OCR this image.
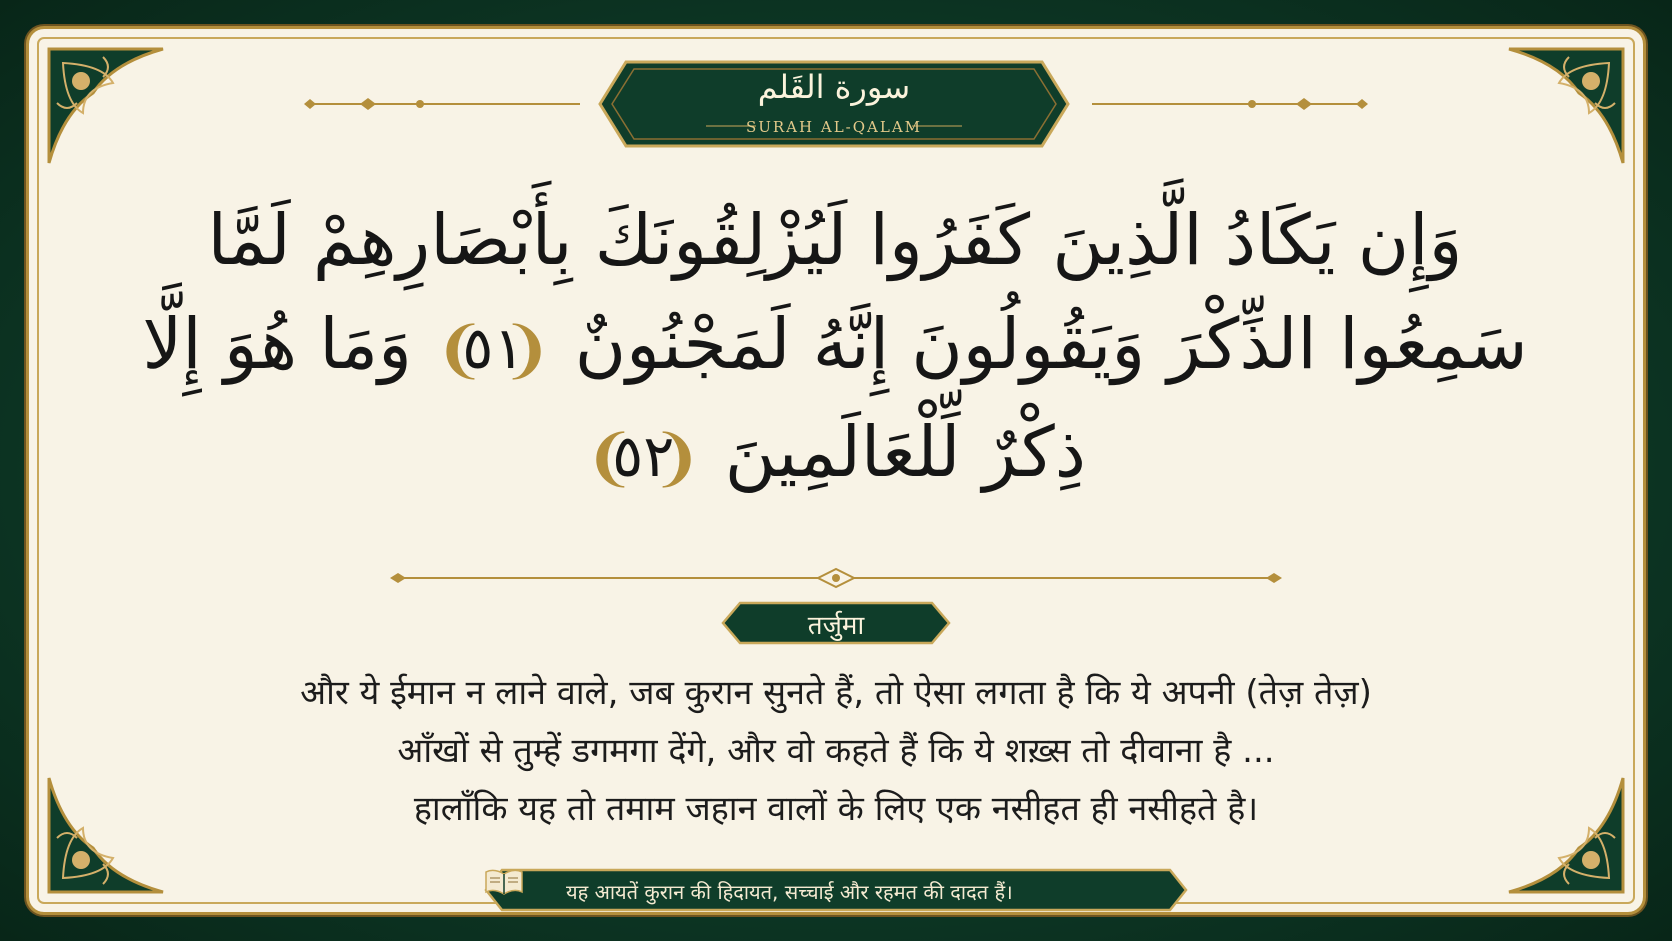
سورة القَلم
SURAH AL-QALAM
وَإِن يَكَادُ الَّذِينَ كَفَرُوا لَيُزْلِقُونَكَ بِأَبْصَارِهِمْ لَمَّا
سَمِعُوا الذِّكْرَ وَيَقُولُونَ إِنَّهُ لَمَجْنُونٌ ❨ ٥١ ❩ وَمَا هُوَ إِلَّا
ذِكْرٌ لِّلْعَالَمِينَ ❨ ٥٢ ❩
तर्जुमा
और ये ईमान न लाने वाले, जब कुरान सुनते हैं, तो ऐसा लगता है कि ये अपनी (तेज़ तेज़)
आँखों से तुम्हें डगमगा देंगे, और वो कहते हैं कि ये शख़्स तो दीवाना है ...
हालाँकि यह तो तमाम जहान वालों के लिए एक नसीहत ही नसीहते है।
यह आयतें कुरान की हिदायत, सच्चाई और रहमत की दादत हैं।
